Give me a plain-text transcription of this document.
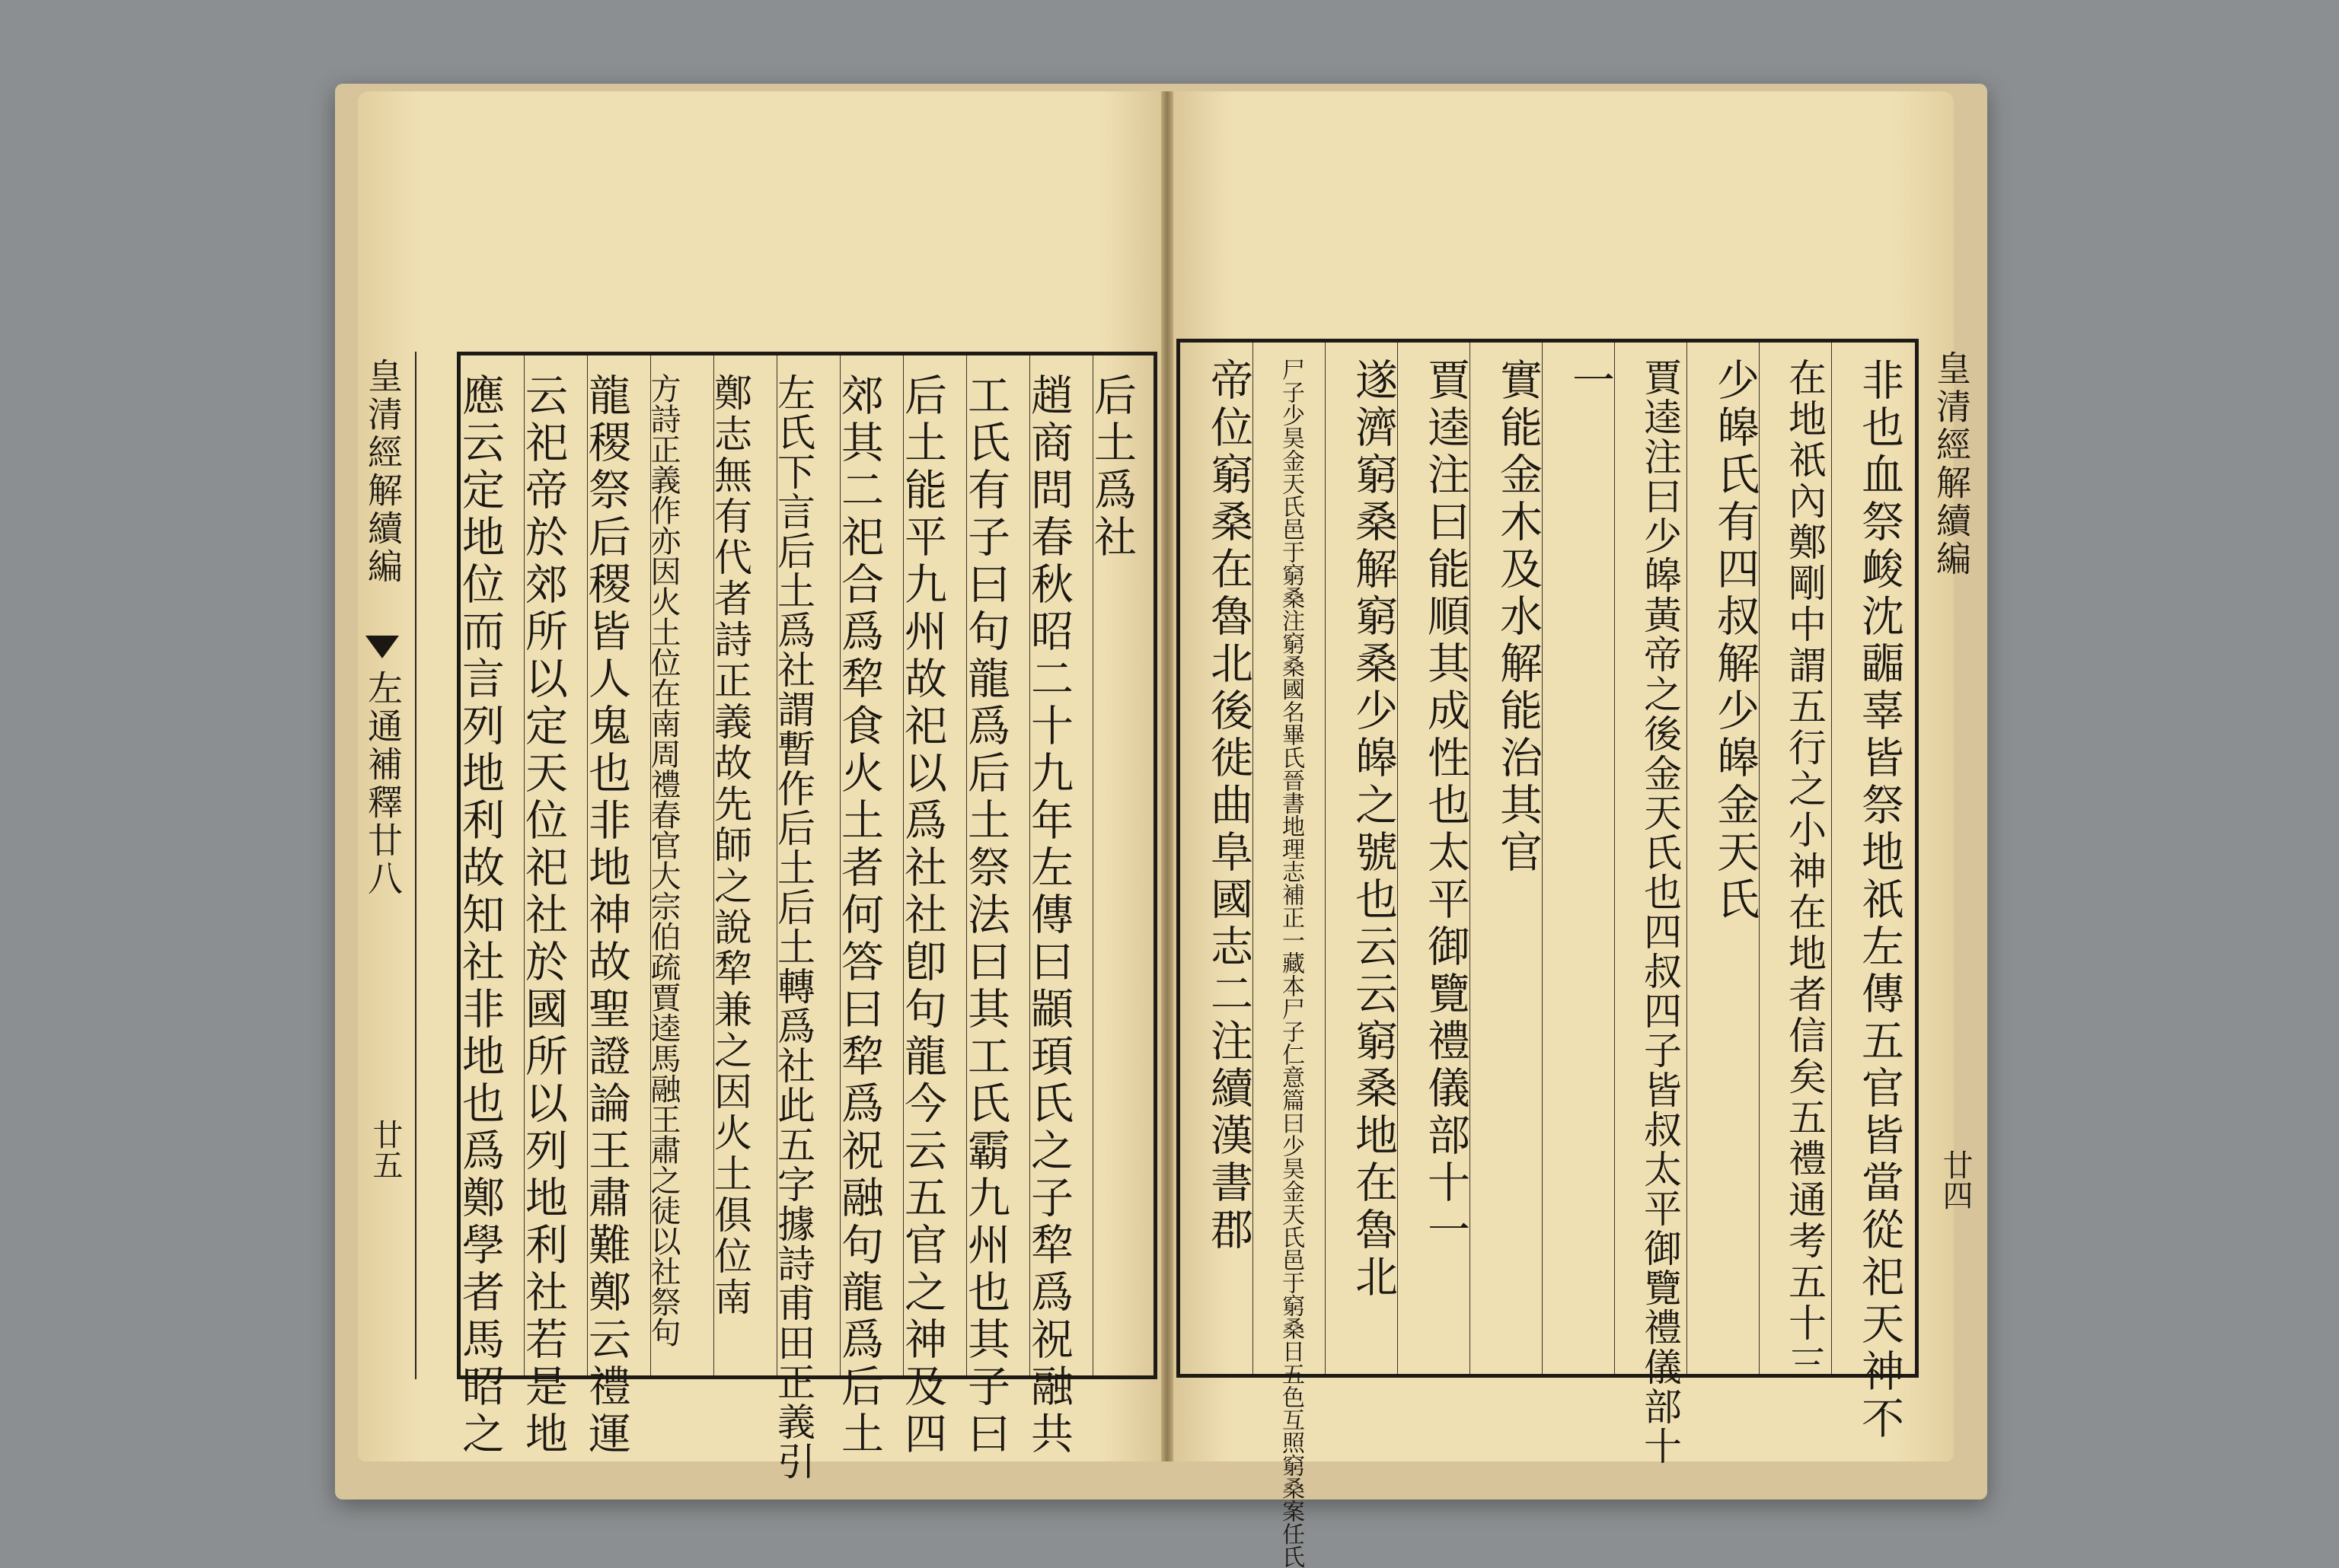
皇清經解續編
左通補釋廿八
廿五
后土爲社
趙商問春秋昭二十九年左傳曰顓頊氏之子犂爲祝融共
工氏有子曰句龍爲后土祭法曰其工氏霸九州也其子曰
后土能平九州故祀以爲社社卽句龍今云五官之神及四
郊其二祀合爲犂食火土者何答曰犂爲祝融句龍爲后土
左氏下言后土爲社謂暫作后土后土轉爲社此五字據詩甫田正義引
鄭志無有代者詩正義故先師之說犂兼之因火土俱位南
方詩正義作亦因火土位在南周禮春官大宗伯疏賈逵馬融王肅之徒以社祭句
龍稷祭后稷皆人鬼也非地神故聖證論王肅難鄭云禮運
云祀帝於郊所以定天位祀社於國所以列地利社若是地
應云定地位而言列地利故知社非地也爲鄭學者馬昭之	皇清經解續編
廿四
非也血祭䘒沈疈辜皆祭地祇左傳五官皆當從祀天神不
在地祇內鄭剛中謂五行之小神在地者信矣五禮通考五十三
少皞氏有四叔解少皞金天氏
賈逵注曰少皞黃帝之後金天氏也四叔四子皆叔太平御覽禮儀部十
一
實能金木及水解能治其官
賈逵注曰能順其成性也太平御覽禮儀部十一
遂濟窮桑解窮桑少皞之號也云云窮桑地在魯北
尸子少昊金天氏邑于窮桑注窮桑國名畢氏晉書地理志補正一藏本尸子仁意篇曰少昊金天氏邑于窮桑日五色互照窮桑案任氏
帝位窮桑在魯北後徙曲阜國志二注續漢書郡
